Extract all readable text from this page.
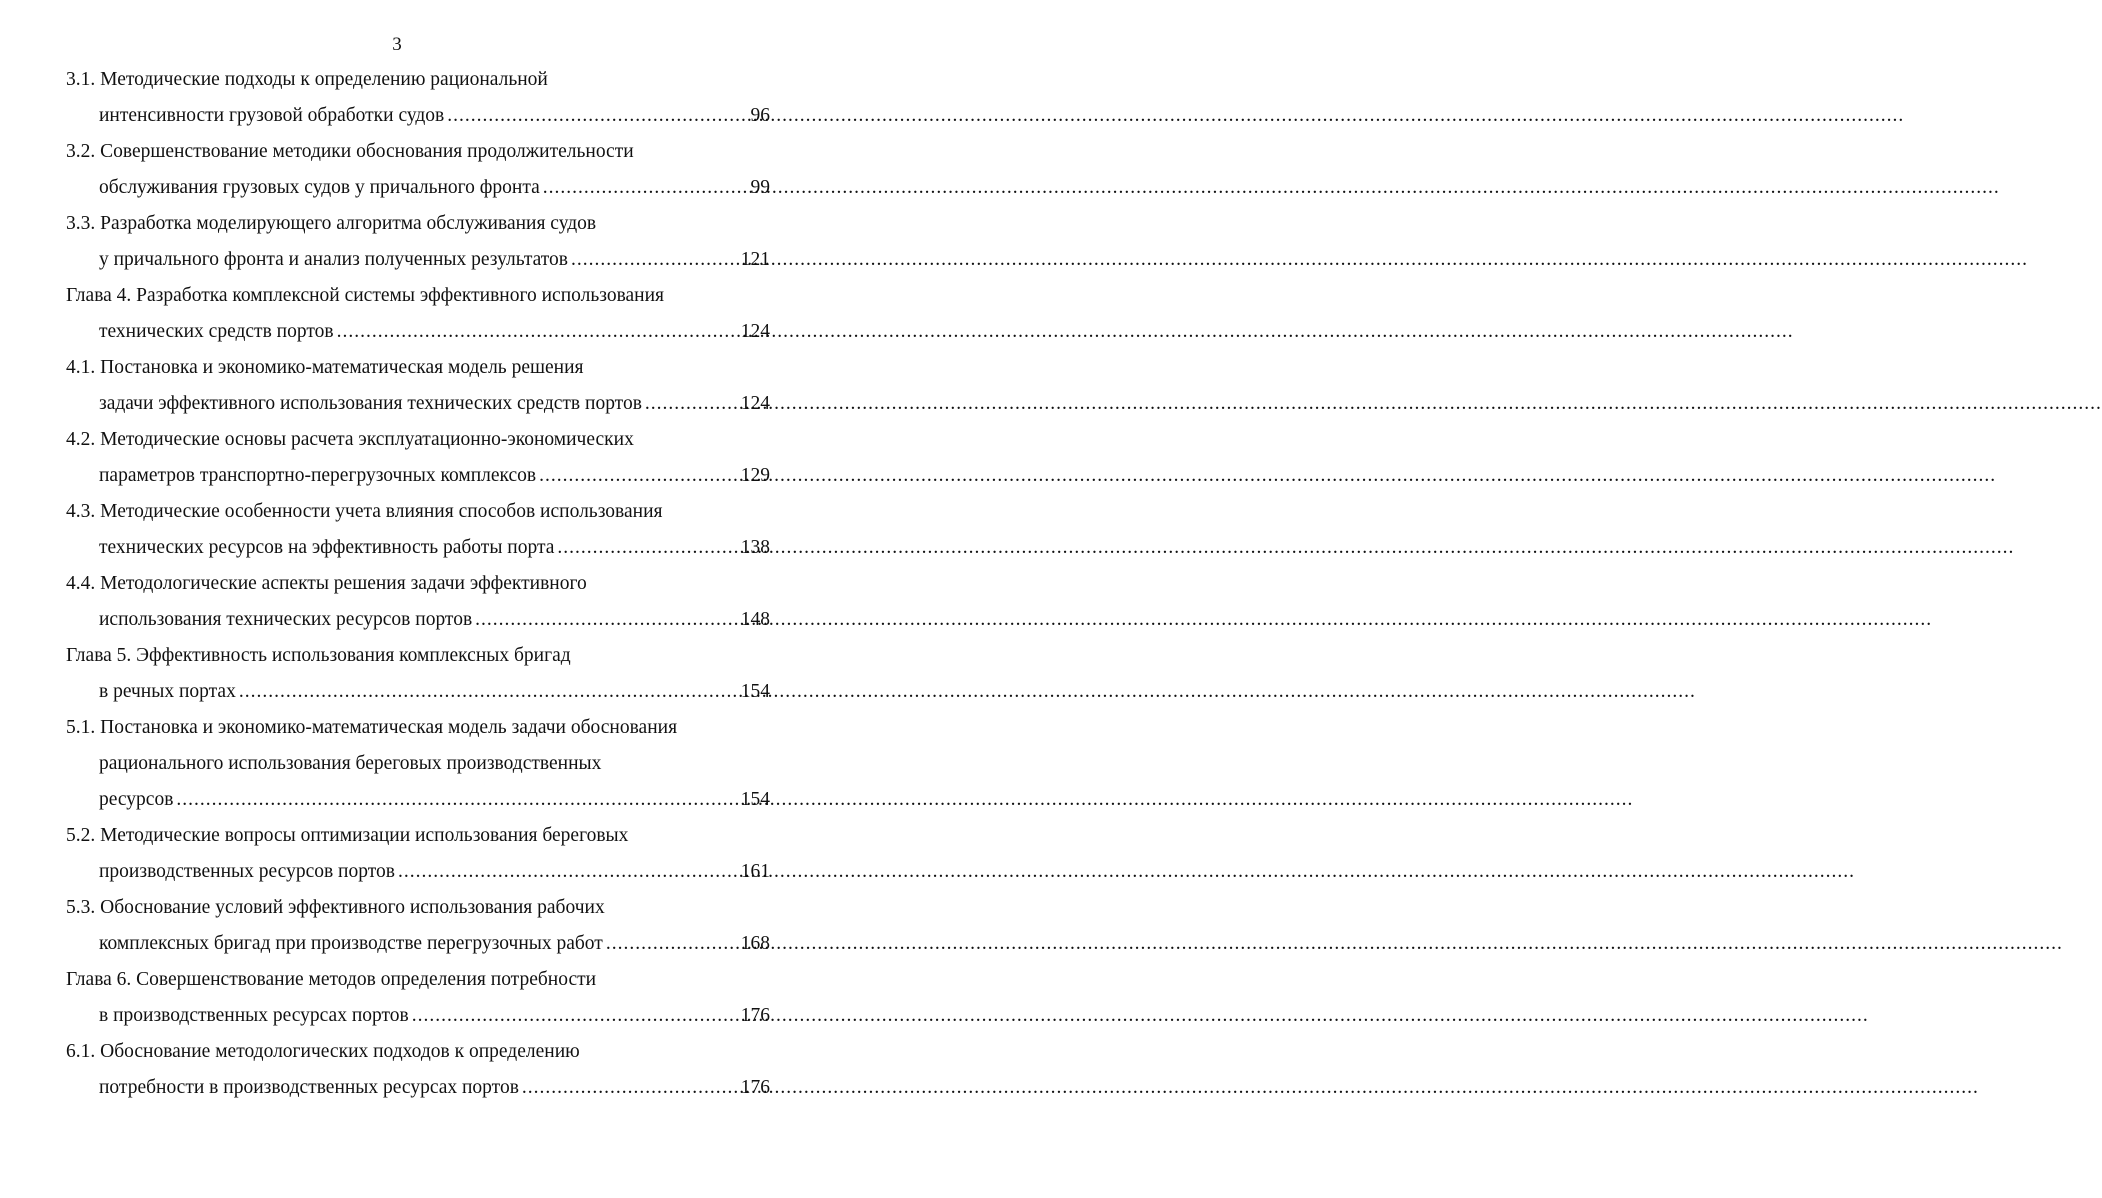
3
3.1. Методические подходы к определению рациональной
интенсивности грузовой обработки судов .....	96
3.2. Совершенствование методики обоснования продолжительности
обслуживания грузовых судов у причального фронта .....	99
3.3. Разработка моделирующего алгоритма обслуживания судов
у причального фронта и анализ полученных результатов .....	121
Глава 4. Разработка комплексной системы эффективного использования
технических средств портов .....	124
4.1. Постановка и экономико-математическая модель решения
задачи эффективного использования технических средств портов .....	124
4.2. Методические основы расчета эксплуатационно-экономических
параметров транспортно-перегрузочных комплексов .....	129
4.3. Методические особенности учета влияния способов использования
технических ресурсов на эффективность работы порта .....	138
4.4. Методологические аспекты решения задачи эффективного
использования технических ресурсов портов .....	148
Глава 5. Эффективность использования комплексных бригад
в речных портах .....	154
5.1. Постановка и экономико-математическая модель задачи обоснования
рационального использования береговых производственных
ресурсов .....	154
5.2. Методические вопросы оптимизации использования береговых
производственных ресурсов портов .....	161
5.3. Обоснование условий эффективного использования рабочих
комплексных бригад при производстве перегрузочных работ .....	168
Глава 6. Совершенствование методов определения потребности
в производственных ресурсах портов .....	176
6.1. Обоснование методологических подходов к определению
потребности в производственных ресурсах портов .....	176
